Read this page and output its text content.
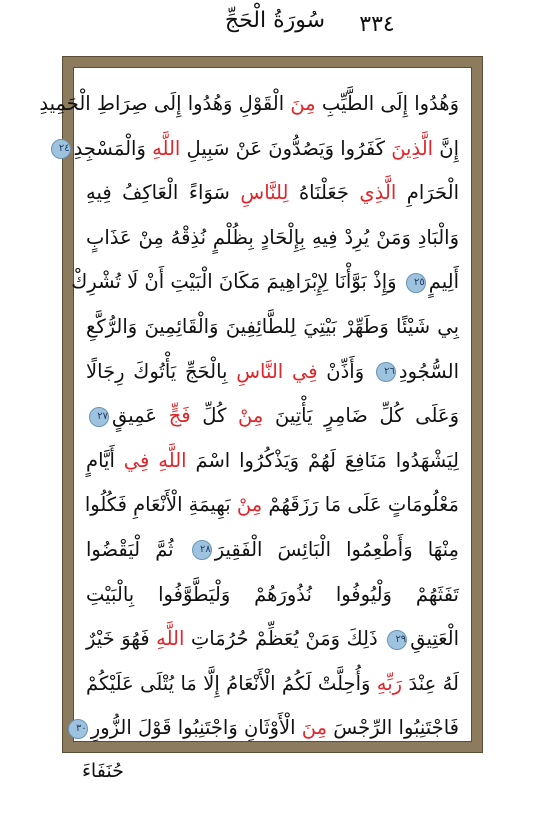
٣٣٤
سُورَةُ الْحَجِّ
وَهُدُوا إِلَى الطَّيِّبِ مِنَ الْقَوْلِ وَهُدُوا إِلَى صِرَاطِ الْحَمِيدِ
إِنَّ الَّذِينَ كَفَرُوا وَيَصُدُّونَ عَنْ سَبِيلِ اللَّهِ وَالْمَسْجِدِ٢٤
الْحَرَامِ الَّذِي جَعَلْنَاهُ لِلنَّاسِ سَوَاءً الْعَاكِفُ فِيهِ
وَالْبَادِ وَمَنْ يُرِدْ فِيهِ بِإِلْحَادٍ بِظُلْمٍ نُذِقْهُ مِنْ عَذَابٍ
أَلِيمٍ٢٥ وَإِذْ بَوَّأْنَا لِإِبْرَاهِيمَ مَكَانَ الْبَيْتِ أَنْ لَا تُشْرِكْ
بِي شَيْئًا وَطَهِّرْ بَيْتِيَ لِلطَّائِفِينَ وَالْقَائِمِينَ وَالرُّكَّعِ
السُّجُودِ٢٦ وَأَذِّنْ فِي النَّاسِ بِالْحَجِّ يَأْتُوكَ رِجَالًا
وَعَلَى كُلِّ ضَامِرٍ يَأْتِينَ مِنْ كُلِّ فَجٍّ عَمِيقٍ٢٧
لِيَشْهَدُوا مَنَافِعَ لَهُمْ وَيَذْكُرُوا اسْمَ اللَّهِ فِي أَيَّامٍ
مَعْلُومَاتٍ عَلَى مَا رَزَقَهُمْ مِنْ بَهِيمَةِ الْأَنْعَامِ فَكُلُوا
مِنْهَا وَأَطْعِمُوا الْبَائِسَ الْفَقِيرَ٢٨ ثُمَّ لْيَقْضُوا
تَفَثَهُمْ وَلْيُوفُوا نُذُورَهُمْ وَلْيَطَّوَّفُوا بِالْبَيْتِ
الْعَتِيقِ٢٩ ذَلِكَ وَمَنْ يُعَظِّمْ حُرُمَاتِ اللَّهِ فَهُوَ خَيْرٌ
لَهُ عِنْدَ رَبِّهِ وَأُحِلَّتْ لَكُمُ الْأَنْعَامُ إِلَّا مَا يُتْلَى عَلَيْكُمْ
فَاجْتَنِبُوا الرِّجْسَ مِنَ الْأَوْثَانِ وَاجْتَنِبُوا قَوْلَ الزُّورِ٣٠
حُنَفَاءَ
